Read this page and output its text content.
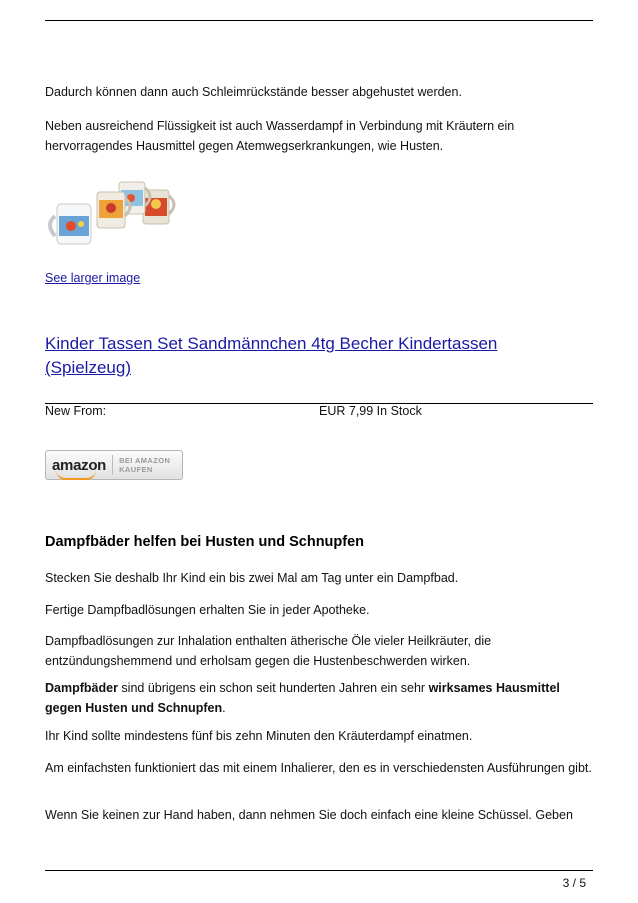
Dadurch können dann auch Schleimrückstände besser abgehustet werden.
Neben ausreichend Flüssigkeit ist auch Wasserdampf in Verbindung mit Kräutern ein hervorragendes Hausmittel gegen Atemwegserkrankungen, wie Husten.
See larger image
Kinder Tassen Set Sandmännchen 4tg Becher Kindertassen (Spielzeug)
New From:	EUR 7,99 In Stock
amazon BEI AMAZON
KAUFEN
Dampfbäder helfen bei Husten und Schnupfen
Stecken Sie deshalb Ihr Kind ein bis zwei Mal am Tag unter ein Dampfbad.
Fertige Dampfbadlösungen erhalten Sie in jeder Apotheke.
Dampfbadlösungen zur Inhalation enthalten ätherische Öle vieler Heilkräuter, die entzündungshemmend und erholsam gegen die Hustenbeschwerden wirken.
Dampfbäder sind übrigens ein schon seit hunderten Jahren ein sehr wirksames Hausmittel gegen Husten und Schnupfen.
Ihr Kind sollte mindestens fünf bis zehn Minuten den Kräuterdampf einatmen.
Am einfachsten funktioniert das mit einem Inhalierer, den es in verschiedensten Ausführungen gibt.
Wenn Sie keinen zur Hand haben, dann nehmen Sie doch einfach eine kleine Schüssel. Geben
3 / 5
